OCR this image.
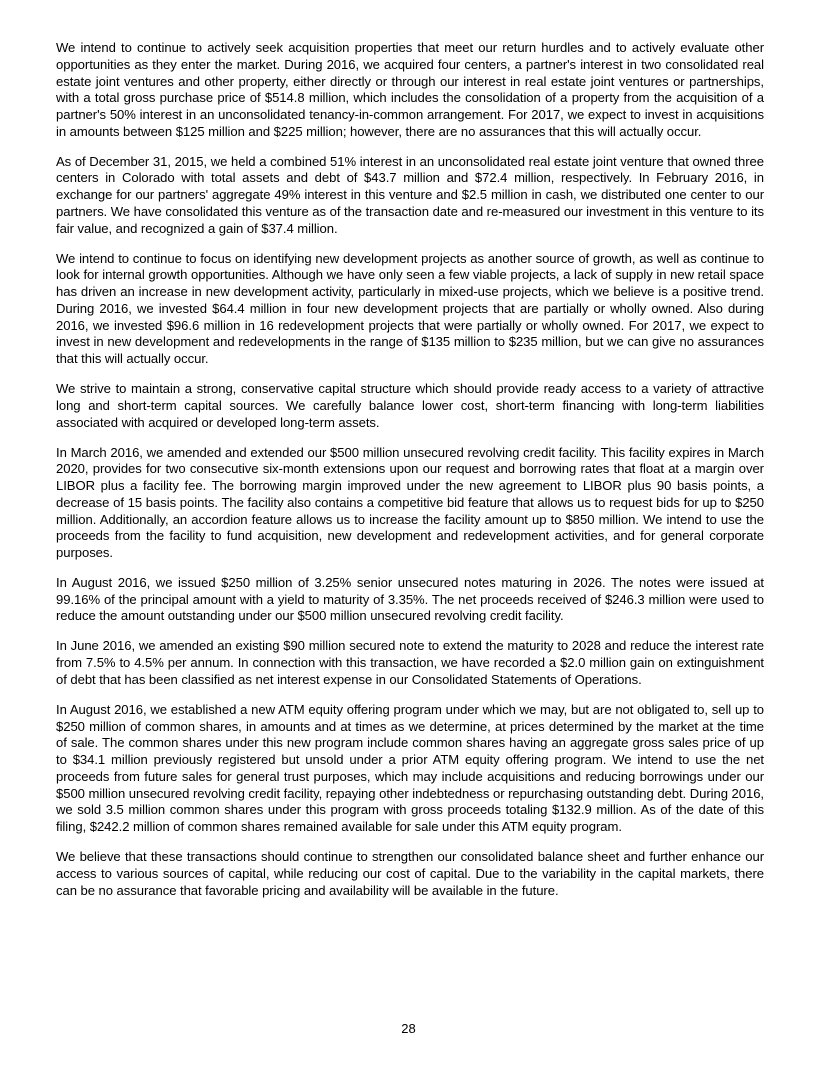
We intend to continue to actively seek acquisition properties that meet our return hurdles and to actively evaluate other opportunities as they enter the market. During 2016, we acquired four centers, a partner's interest in two consolidated real estate joint ventures and other property, either directly or through our interest in real estate joint ventures or partnerships, with a total gross purchase price of $514.8 million, which includes the consolidation of a property from the acquisition of a partner's 50% interest in an unconsolidated tenancy-in-common arrangement. For 2017, we expect to invest in acquisitions in amounts between $125 million and $225 million; however, there are no assurances that this will actually occur.

As of December 31, 2015, we held a combined 51% interest in an unconsolidated real estate joint venture that owned three centers in Colorado with total assets and debt of $43.7 million and $72.4 million, respectively. In February 2016, in exchange for our partners' aggregate 49% interest in this venture and $2.5 million in cash, we distributed one center to our partners. We have consolidated this venture as of the transaction date and re-measured our investment in this venture to its fair value, and recognized a gain of $37.4 million.

We intend to continue to focus on identifying new development projects as another source of growth, as well as continue to look for internal growth opportunities. Although we have only seen a few viable projects, a lack of supply in new retail space has driven an increase in new development activity, particularly in mixed-use projects, which we believe is a positive trend. During 2016, we invested $64.4 million in four new development projects that are partially or wholly owned. Also during 2016, we invested $96.6 million in 16 redevelopment projects that were partially or wholly owned. For 2017, we expect to invest in new development and redevelopments in the range of $135 million to $235 million, but we can give no assurances that this will actually occur.

We strive to maintain a strong, conservative capital structure which should provide ready access to a variety of attractive long and short-term capital sources. We carefully balance lower cost, short-term financing with long-term liabilities associated with acquired or developed long-term assets.

In March 2016, we amended and extended our $500 million unsecured revolving credit facility. This facility expires in March 2020, provides for two consecutive six-month extensions upon our request and borrowing rates that float at a margin over LIBOR plus a facility fee. The borrowing margin improved under the new agreement to LIBOR plus 90 basis points, a decrease of 15 basis points. The facility also contains a competitive bid feature that allows us to request bids for up to $250 million. Additionally, an accordion feature allows us to increase the facility amount up to $850 million. We intend to use the proceeds from the facility to fund acquisition, new development and redevelopment activities, and for general corporate purposes.

In August 2016, we issued $250 million of 3.25% senior unsecured notes maturing in 2026. The notes were issued at 99.16% of the principal amount with a yield to maturity of 3.35%. The net proceeds received of $246.3 million were used to reduce the amount outstanding under our $500 million unsecured revolving credit facility.

In June 2016, we amended an existing $90 million secured note to extend the maturity to 2028 and reduce the interest rate from 7.5% to 4.5% per annum. In connection with this transaction, we have recorded a $2.0 million gain on extinguishment of debt that has been classified as net interest expense in our Consolidated Statements of Operations.

In August 2016, we established a new ATM equity offering program under which we may, but are not obligated to, sell up to $250 million of common shares, in amounts and at times as we determine, at prices determined by the market at the time of sale. The common shares under this new program include common shares having an aggregate gross sales price of up to $34.1 million previously registered but unsold under a prior ATM equity offering program. We intend to use the net proceeds from future sales for general trust purposes, which may include acquisitions and reducing borrowings under our $500 million unsecured revolving credit facility, repaying other indebtedness or repurchasing outstanding debt. During 2016, we sold 3.5 million common shares under this program with gross proceeds totaling $132.9 million. As of the date of this filing, $242.2 million of common shares remained available for sale under this ATM equity program.

We believe that these transactions should continue to strengthen our consolidated balance sheet and further enhance our access to various sources of capital, while reducing our cost of capital. Due to the variability in the capital markets, there can be no assurance that favorable pricing and availability will be available in the future.

28
